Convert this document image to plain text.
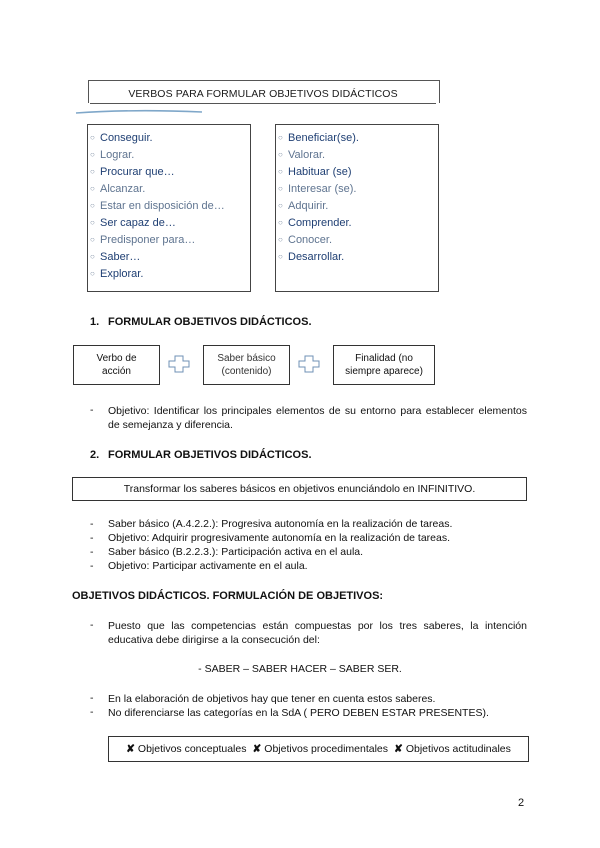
VERBOS PARA FORMULAR OBJETIVOS DIDÁCTICOS
○ Conseguir.
○ Lograr.
○ Procurar que…
○ Alcanzar.
○ Estar en disposición de…
○ Ser capaz de…
○ Predisponer para…
○ Saber…
○ Explorar.
○ Beneficiar(se).
○ Valorar.
○ Habituar (se)
○ Interesar (se).
○ Adquirir.
○ Comprender.
○ Conocer.
○ Desarrollar.
1. FORMULAR OBJETIVOS DIDÁCTICOS.
Verbo de
acción
Saber básico
(contenido)
Finalidad (no
siempre aparece)
- Objetivo: Identificar los principales elementos de su entorno para establecer elementos de semejanza y diferencia.
2. FORMULAR OBJETIVOS DIDÁCTICOS.
Transformar los saberes básicos en objetivos enunciándolo en INFINITIVO.
- Saber básico (A.4.2.2.): Progresiva autonomía en la realización de tareas.
- Objetivo: Adquirir progresivamente autonomía en la realización de tareas.
- Saber básico (B.2.2.3.): Participación activa en el aula.
- Objetivo: Participar activamente en el aula.
OBJETIVOS DIDÁCTICOS. FORMULACIÓN DE OBJETIVOS:
- Puesto que las competencias están compuestas por los tres saberes, la intención educativa debe dirigirse a la consecución del:
- SABER – SABER HACER – SABER SER.
- En la elaboración de objetivos hay que tener en cuenta estos saberes.
- No diferenciarse las categorías en la SdA ( PERO DEBEN ESTAR PRESENTES).
✘ Objetivos conceptuales ✘ Objetivos procedimentales ✘ Objetivos actitudinales
2
